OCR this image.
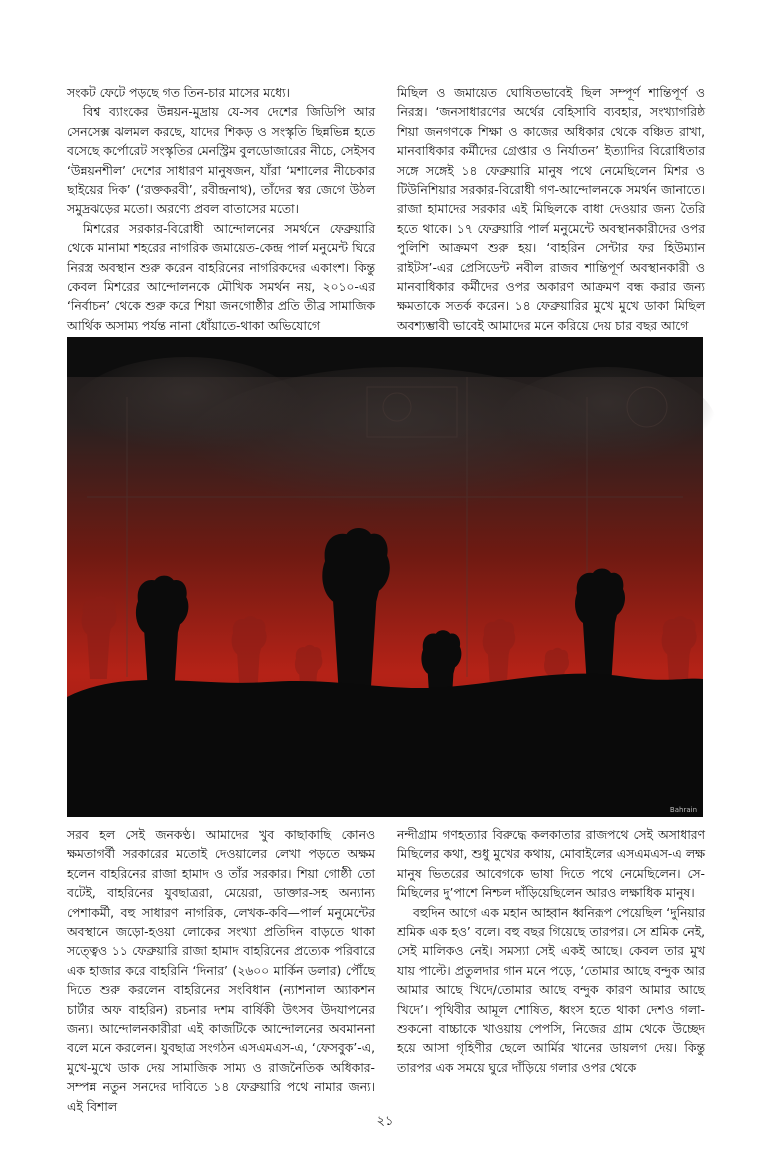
সংকট ফেটে পড়ছে গত তিন-চার মাসের মধ্যে।

বিশ্ব ব্যাংকের উন্নয়ন-মুদ্রায় যে-সব দেশের জিডিপি আর সেনসেক্স ঝলমল করছে, যাদের শিকড় ও সংস্কৃতি ছিন্নভিন্ন হতে বসেছে কর্পোরেট সংস্কৃতির মেনস্ট্রিম বুলডোজারের নীচে, সেইসব ‘উন্নয়নশীল’ দেশের সাধারণ মানুষজন, যাঁরা ‘মশালের নীচেকার ছাইয়ের দিক’ (‘রক্তকরবী’, রবীন্দ্রনাথ), তাঁদের স্বর জেগে উঠল সমুদ্রঝড়ের মতো। অরণ্যে প্রবল বাতাসের মতো।

মিশরের সরকার-বিরোধী আন্দোলনের সমর্থনে ফেব্রুয়ারি থেকে মানামা শহরের নাগরিক জমায়েত-কেন্দ্র পার্ল মনুমেন্ট ঘিরে নিরস্ত্র অবস্থান শুরু করেন বাহরিনের নাগরিকদের একাংশ। কিন্তু কেবল মিশরের আন্দোলনকে মৌখিক সমর্থন নয়, ২০১০-এর ‘নির্বাচন’ থেকে শুরু করে শিয়া জনগোষ্ঠীর প্রতি তীব্র সামাজিক আর্থিক অসাম্য পর্যন্ত নানা ধোঁয়াতে-থাকা অভিযোগে

মিছিল ও জমায়েত ঘোষিতভাবেই ছিল সম্পূর্ণ শান্তিপূর্ণ ও নিরস্ত্র। ‘জনসাধারণের অর্থের বেহিসাবি ব্যবহার, সংখ্যাগরিষ্ঠ শিয়া জনগণকে শিক্ষা ও কাজের অধিকার থেকে বঞ্চিত রাখা, মানবাধিকার কর্মীদের গ্রেপ্তার ও নির্যাতন’ ইত্যাদির বিরোধিতার সঙ্গে সঙ্গেই ১৪ ফেব্রুয়ারি মানুষ পথে নেমেছিলেন মিশর ও টিউনিশিয়ার সরকার-বিরোধী গণ-আন্দোলনকে সমর্থন জানাতে। রাজা হামাদের সরকার এই মিছিলকে বাধা দেওয়ার জন্য তৈরি হতে থাকে। ১৭ ফেব্রুয়ারি পার্ল মনুমেন্টে অবস্থানকারীদের ওপর পুলিশি আক্রমণ শুরু হয়। ‘বাহরিন সেন্টার ফর হিউম্যান রাইটস’-এর প্রেসিডেন্ট নবীল রাজব শান্তিপূর্ণ অবস্থানকারী ও মানবাধিকার কর্মীদের ওপর অকারণ আক্রমণ বন্ধ করার জন্য ক্ষমতাকে সতর্ক করেন। ১৪ ফেব্রুয়ারির মুখে মুখে ডাকা মিছিল অবশ্যম্ভাবী ভাবেই আমাদের মনে করিয়ে দেয় চার বছর আগে

Bahrain

সরব হল সেই জনকণ্ঠ। আমাদের খুব কাছাকাছি কোনও ক্ষমতাগর্বী সরকারের মতোই দেওয়ালের লেখা পড়তে অক্ষম হলেন বাহরিনের রাজা হামাদ ও তাঁর সরকার। শিয়া গোষ্ঠী তো বটেই, বাহরিনের যুবছাত্ররা, মেয়েরা, ডাক্তার-সহ অন্যান্য পেশাকর্মী, বহু সাধারণ নাগরিক, লেখক-কবি—পার্ল মনুমেন্টের অবস্থানে জড়ো-হওয়া লোকের সংখ্যা প্রতিদিন বাড়তে থাকা সত্ত্বেও ১১ ফেব্রুয়ারি রাজা হামাদ বাহরিনের প্রত্যেক পরিবারে এক হাজার করে বাহরিনি ‘দিনার’ (২৬০০ মার্কিন ডলার) পৌঁছে দিতে শুরু করলেন বাহরিনের সংবিধান (ন্যাশনাল অ্যাকশন চার্টার অফ বাহরিন) রচনার দশম বার্ষিকী উৎসব উদযাপনের জন্য। আন্দোলনকারীরা এই কাজটিকে আন্দোলনের অবমাননা বলে মনে করলেন। যুবছাত্র সংগঠন এসএমএস-এ, ‘ফেসবুক’-এ, মুখে-মুখে ডাক দেয় সামাজিক সাম্য ও রাজনৈতিক অধিকার-সম্পন্ন নতুন সনদের দাবিতে ১৪ ফেব্রুয়ারি পথে নামার জন্য। এই বিশাল

নন্দীগ্রাম গণহত্যার বিরুদ্ধে কলকাতার রাজপথে সেই অসাধারণ মিছিলের কথা, শুধু মুখের কথায়, মোবাইলের এসএমএস-এ লক্ষ মানুষ ভিতরের আবেগকে ভাষা দিতে পথে নেমেছিলেন। সে-মিছিলের দু’পাশে নিশ্চল দাঁড়িয়েছিলেন আরও লক্ষাধিক মানুষ।

বহুদিন আগে এক মহান আহ্বান ধ্বনিরূপ পেয়েছিল ‘দুনিয়ার শ্রমিক এক হও’ বলে। বহু বছর গিয়েছে তারপর। সে শ্রমিক নেই, সেই মালিকও নেই। সমস্যা সেই একই আছে। কেবল তার মুখ যায় পাল্টে। প্রতুলদার গান মনে পড়ে, ‘তোমার আছে বন্দুক আর আমার আছে খিদে/তোমার আছে বন্দুক কারণ আমার আছে খিদে’। পৃথিবীর আমূল শোষিত, ধ্বংস হতে থাকা দেশও গলা-শুকনো বাচ্চাকে খাওয়ায় পেপসি, নিজের গ্রাম থেকে উচ্ছেদ হয়ে আসা গৃহিণীর ছেলে আর্মির খানের ডায়লগ দেয়। কিন্তু তারপর এক সময়ে ঘুরে দাঁড়িয়ে গলার ওপর থেকে

২১
